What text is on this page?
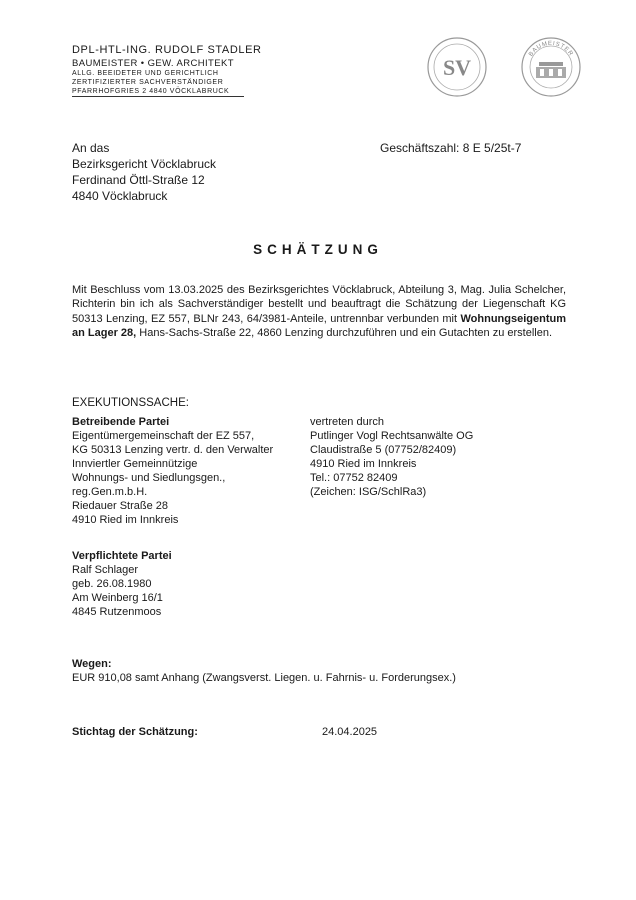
DPL-HTL-ING. RUDOLF STADLER
BAUMEISTER • GEW. ARCHITEKT
ALLG. BEEIDETER UND GERICHTLICH
ZERTIFIZIERTER SACHVERSTÄNDIGER
PFARRHOFGRIES 2 4840 VÖCKLABRUCK
SV
BAUMEISTER
An das
Bezirksgericht Vöcklabruck
Ferdinand Öttl-Straße 12
4840 Vöcklabruck
Geschäftszahl: 8 E 5/25t-7
SCHÄTZUNG
Mit Beschluss vom 13.03.2025 des Bezirksgerichtes Vöcklabruck, Abteilung 3, Mag. Julia Schelcher, Richterin bin ich als Sachverständiger bestellt und beauftragt die Schätzung der Liegenschaft KG 50313 Lenzing, EZ 557, BLNr 243, 64/3981-Anteile, untrennbar verbunden mit Wohnungseigentum an Lager 28, Hans-Sachs-Straße 22, 4860 Lenzing durchzuführen und ein Gutachten zu erstellen.
EXEKUTIONSSACHE:
Betreibende Partei
Eigentümergemeinschaft der EZ 557,
KG 50313 Lenzing vertr. d. den Verwalter
Innviertler Gemeinnützige
Wohnungs- und Siedlungsgen.,
reg.Gen.m.b.H.
Riedauer Straße 28
4910 Ried im Innkreis
vertreten durch
Putlinger Vogl Rechtsanwälte OG
Claudistraße 5 (07752/82409)
4910 Ried im Innkreis
Tel.: 07752 82409
(Zeichen: ISG/SchlRa3)
Verpflichtete Partei
Ralf Schlager
geb. 26.08.1980
Am Weinberg 16/1
4845 Rutzenmoos
Wegen:
EUR 910,08 samt Anhang (Zwangsverst. Liegen. u. Fahrnis- u. Forderungsex.)
Stichtag der Schätzung:	24.04.2025
